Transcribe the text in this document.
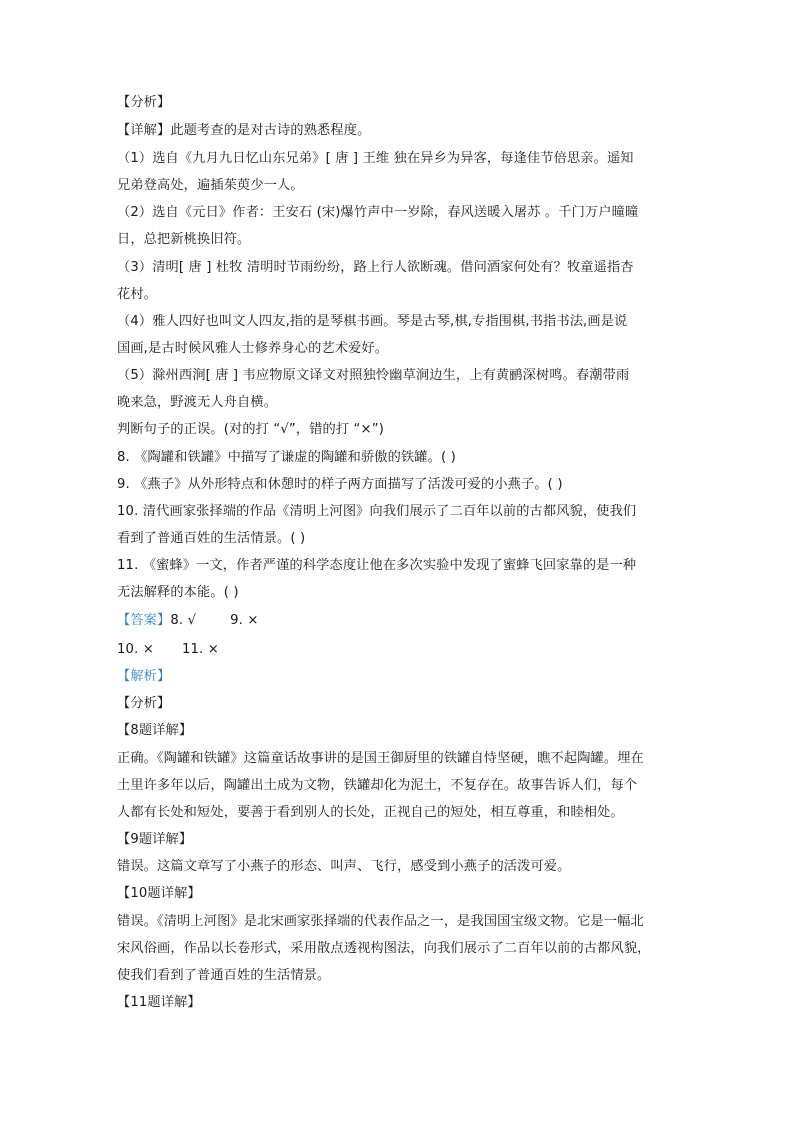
【分析】
【详解】此题考查的是对古诗的熟悉程度。
（1）选自《九月九日忆山东兄弟》[ 唐 ] 王维 独在异乡为异客，每逢佳节倍思亲。遥知
兄弟登高处，遍插茱萸少一人。
（2）选自《元日》作者：王安石 (宋)爆竹声中一岁除，春风送暖入屠苏 。千门万户曈曈
日，总把新桃换旧符。
（3）清明[ 唐 ] 杜牧 清明时节雨纷纷，路上行人欲断魂。借问酒家何处有？牧童遥指杏
花村。
（4）雅人四好也叫文人四友,指的是琴棋书画。琴是古琴,棋,专指围棋,书指书法,画是说
国画,是古时候风雅人士修养身心的艺术爱好。
（5）滁州西涧[ 唐 ] 韦应物原文译文对照独怜幽草涧边生，上有黄鹂深树鸣。春潮带雨
晚来急，野渡无人舟自横。
判断句子的正误。(对的打 “√”，错的打 “×”)
8. 《陶罐和铁罐》中描写了谦虚的陶罐和骄傲的铁罐。( )
9. 《燕子》从外形特点和休憩时的样子两方面描写了活泼可爱的小燕子。( )
10. 清代画家张择端的作品《清明上河图》向我们展示了二百年以前的古都风貌，使我们
看到了普通百姓的生活情景。( )
11. 《蜜蜂》一文，作者严谨的科学态度让他在多次实验中发现了蜜蜂飞回家靠的是一种
无法解释的本能。( )
【答案】8. √	9. ×
10. × 11. ×
【解析】
【分析】
【8题详解】
正确。《陶罐和铁罐》这篇童话故事讲的是国王御厨里的铁罐自恃坚硬，瞧不起陶罐。埋在
土里许多年以后，陶罐出土成为文物，铁罐却化为泥土，不复存在。故事告诉人们，每个
人都有长处和短处，要善于看到别人的长处，正视自己的短处，相互尊重，和睦相处。
【9题详解】
错误。这篇文章写了小燕子的形态、叫声、飞行，感受到小燕子的活泼可爱。
【10题详解】
错误。《清明上河图》是北宋画家张择端的代表作品之一，是我国国宝级文物。它是一幅北
宋风俗画，作品以长卷形式，采用散点透视构图法，向我们展示了二百年以前的古都风貌，
使我们看到了普通百姓的生活情景。
【11题详解】
